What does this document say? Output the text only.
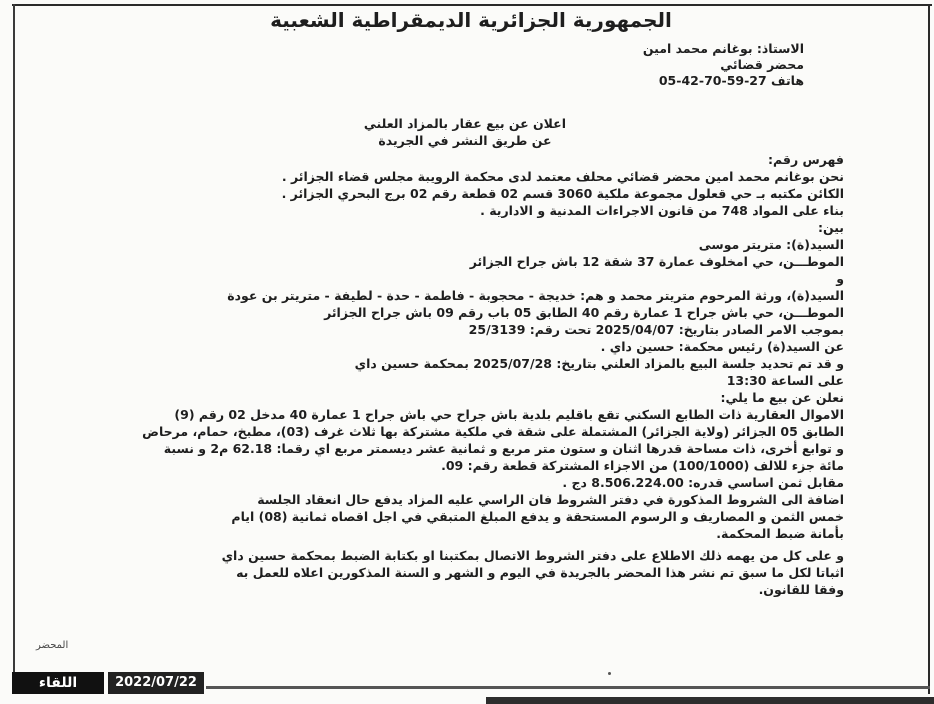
الجمهورية الجزائرية الديمقراطية الشعبية
الاستاذ: بوغانم محمد امين
محضر قضائي
هاتف 27-59-70-42-05
اعلان عن بيع عقار بالمزاد العلني
عن طريق النشر في الجريدة
فهرس رقم:
نحن بوغانم محمد امين محضر قضائي محلف معتمد لدى محكمة الرويبة مجلس قضاء الجزائر .
الكائن مكتبه بـ حي قعلول مجموعة ملكية 3060 قسم 02 قطعة رقم 02 برج البحري الجزائر .
بناء على المواد 748 من قانون الاجراءات المدنية و الادارية .
بين:
السيد(ة): متريتر موسى
الموطـــن، حي امخلوف عمارة 37 شقة 12 باش جراح الجزائر
و
السيد(ة)، ورثة المرحوم متريتر محمد و هم: خديجة - محجوبة - فاطمة - حدة - لطيفة - متريتر بن عودة
الموطـــن، حي باش جراح 1 عمارة رقم 40 الطابق 05 باب رقم 09 باش جراح الجزائر
بموجب الامر الصادر بتاريخ: 2025/04/07 تحت رقم: 25/3139
عن السيد(ة) رئيس محكمة: حسين داي .
و قد تم تحديد جلسة البيع بالمزاد العلني بتاريخ: 2025/07/28 بمحكمة حسين داي
على الساعة 13:30
نعلن عن بيع ما يلي:
الاموال العقارية ذات الطابع السكني تقع باقليم بلدية باش جراح حي باش جراح 1 عمارة 40 مدخل 02 رقم (9)
الطابق 05 الجزائر (ولاية الجزائر) المشتملة على شقة في ملكية مشتركة بها ثلاث غرف (03)، مطبخ، حمام، مرحاض
و توابع أخرى، ذات مساحة قدرها اثنان و ستون متر مربع و ثمانية عشر ديسمتر مربع اي رقما: 62.18 م2 و نسبة
مائة جزء للالف (100/1000) من الاجزاء المشتركة قطعة رقم: 09.
مقابل ثمن اساسي قدره: 8.506.224.00 دج .
اضافة الى الشروط المذكورة في دفتر الشروط فان الراسي عليه المزاد يدفع حال انعقاد الجلسة
خمس الثمن و المصاريف و الرسوم المستحقة و يدفع المبلغ المتبقي في اجل اقصاه ثمانية (08) ايام
بأمانة ضبط المحكمة.
و على كل من يهمه ذلك الاطلاع على دفتر الشروط الاتصال بمكتبنا او بكتابة الضبط بمحكمة حسين داي
اثباتا لكل ما سبق تم نشر هذا المحضر بالجريدة في اليوم و الشهر و السنة المذكورين اعلاه للعمل به
وفقا للقانون.
المحضر
اللقاء	2022/07/22
